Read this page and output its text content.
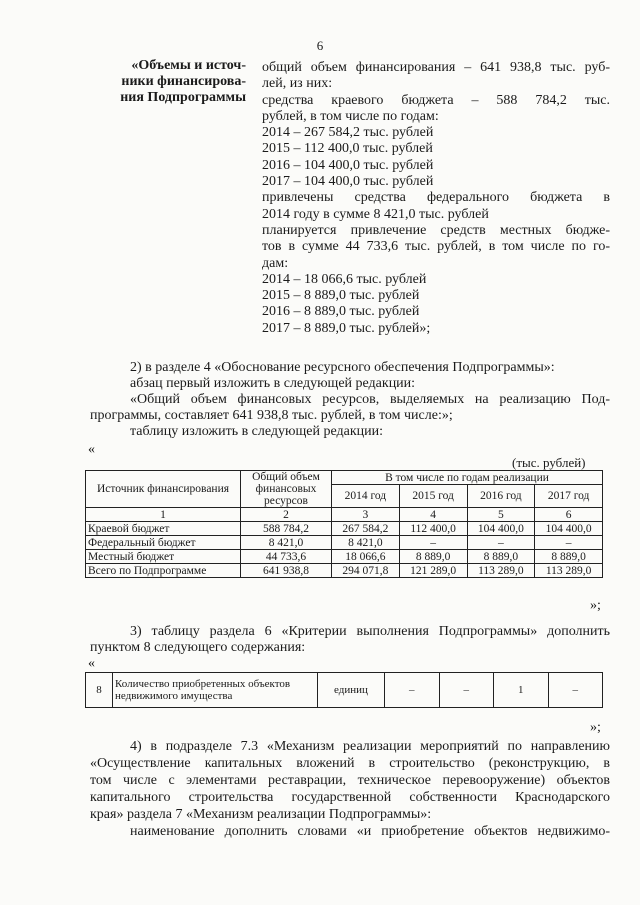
6
«Объемы и источ-
ники финансирова-
ния Подпрограммы
общий объем финансирования – 641 938,8 тыс. руб-
лей, из них:
средства краевого бюджета – 588 784,2 тыс.
рублей, в том числе по годам:
2014 – 267 584,2 тыс. рублей
2015 – 112 400,0 тыс. рублей
2016 – 104 400,0 тыс. рублей
2017 – 104 400,0 тыс. рублей
привлечены средства федерального бюджета в
2014 году в сумме 8 421,0 тыс. рублей
планируется привлечение средств местных бюдже-
тов в сумме 44 733,6 тыс. рублей, в том числе по го-
дам:
2014 – 18 066,6 тыс. рублей
2015 – 8 889,0 тыс. рублей
2016 – 8 889,0 тыс. рублей
2017 – 8 889,0 тыс. рублей»;
2) в разделе 4 «Обоснование ресурсного обеспечения Подпрограммы»:
абзац первый изложить в следующей редакции:
«Общий объем финансовых ресурсов, выделяемых на реализацию Под-
программы, составляет 641 938,8 тыс. рублей, в том числе:»;
таблицу изложить в следующей редакции:
«
(тыс. рублей)
Источник финансирования	Общий объем финансовых ресурсов	В том числе по годам реализации			
		2014 год	2015 год	2016 год	2017 год
1	2	3	4	5	6
Краевой бюджет	588 784,2	267 584,2	112 400,0	104 400,0	104 400,0
Федеральный бюджет	8 421,0	8 421,0	–	–	–
Местный бюджет	44 733,6	18 066,6	8 889,0	8 889,0	8 889,0
Всего по Подпрограмме	641 938,8	294 071,8	121 289,0	113 289,0	113 289,0
»;
3) таблицу раздела 6 «Критерии выполнения Подпрограммы» дополнить
пунктом 8 следующего содержания:
«
8	Количество приобретенных объектов недвижимого имущества	единиц	–	–	1	–
»;
4) в подразделе 7.3 «Механизм реализации мероприятий по направлению
«Осуществление капитальных вложений в строительство (реконструкцию, в
том числе с элементами реставрации, техническое перевооружение) объектов
капитального строительства государственной собственности Краснодарского
края» раздела 7 «Механизм реализации Подпрограммы»:
наименование дополнить словами «и приобретение объектов недвижимо-
